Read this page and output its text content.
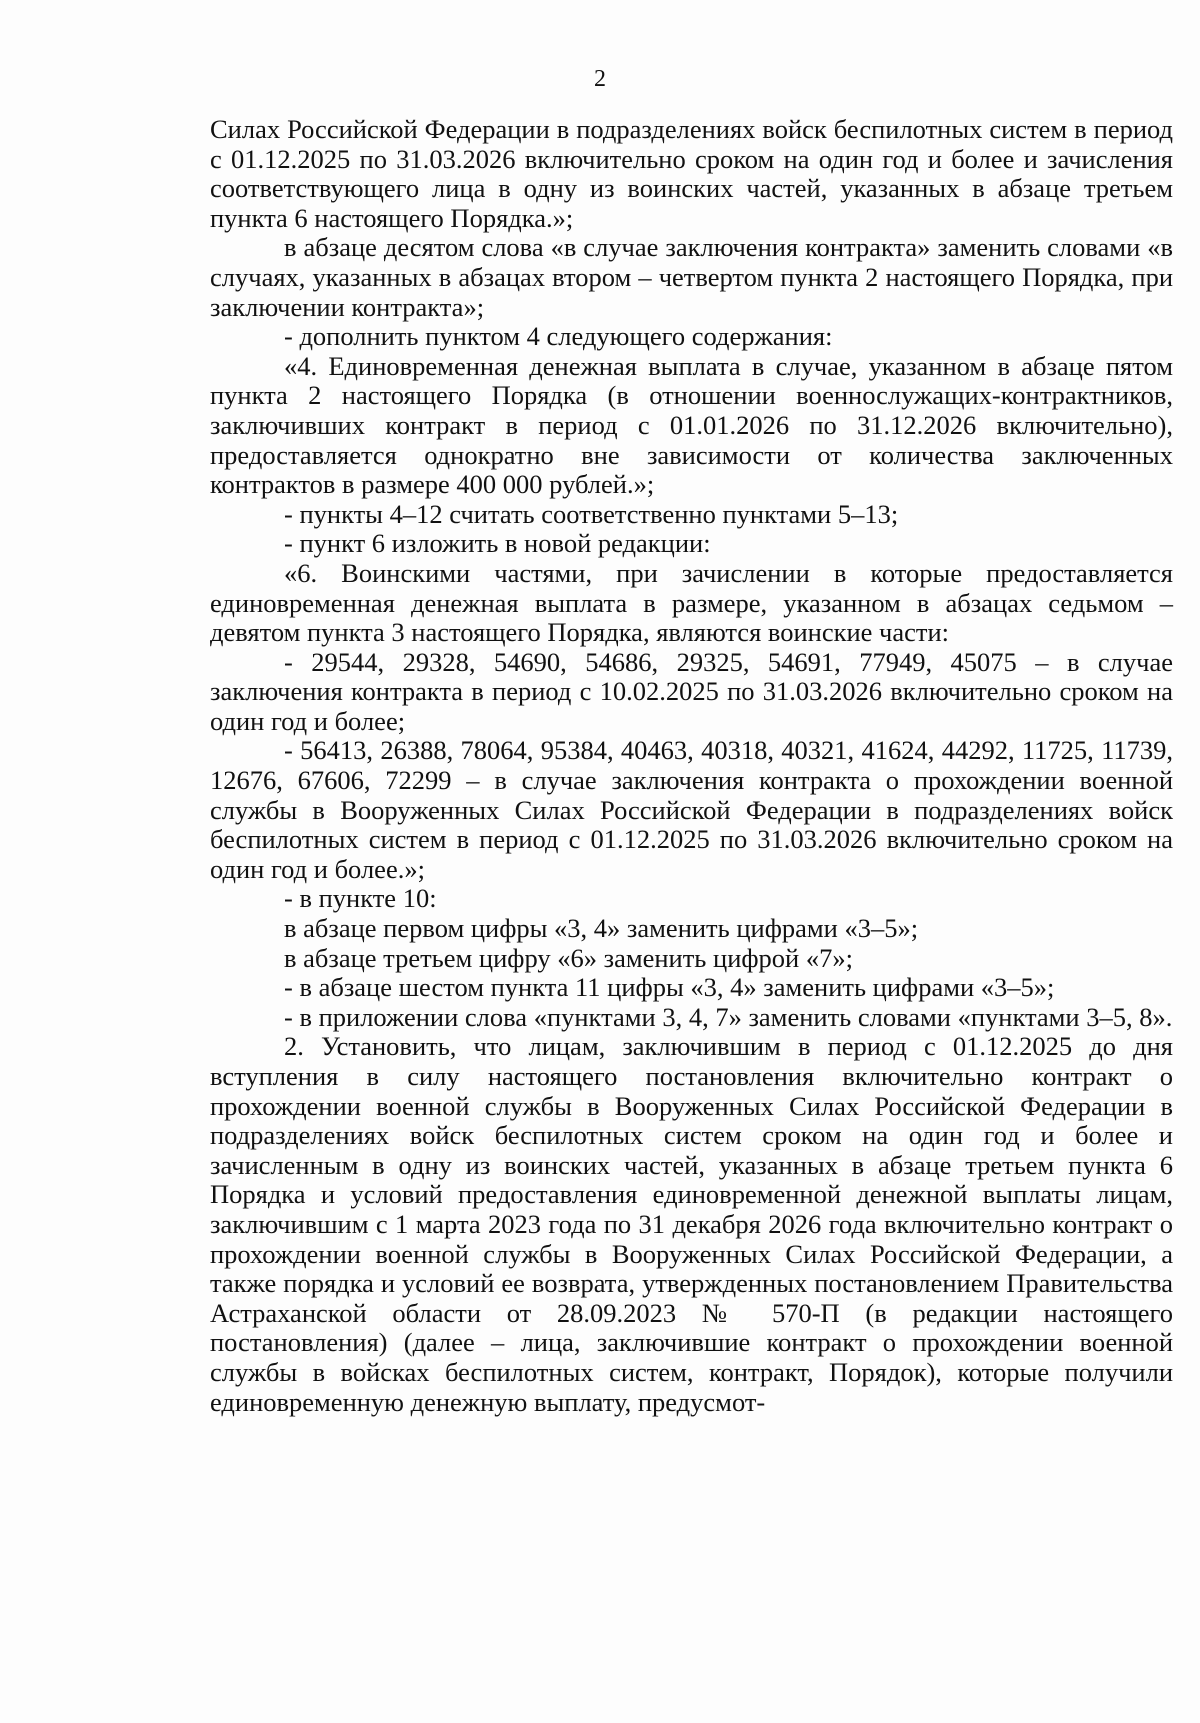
2

Силах Российской Федерации в подразделениях войск беспилотных систем в период с 01.12.2025 по 31.03.2026 включительно сроком на один год и более и зачисления соответствующего лица в одну из воинских частей, указанных в абзаце третьем пункта 6 настоящего Порядка.»;

в абзаце десятом слова «в случае заключения контракта» заменить словами «в случаях, указанных в абзацах втором – четвертом пункта 2 настоящего Порядка, при заключении контракта»;

- дополнить пунктом 4 следующего содержания:

«4. Единовременная денежная выплата в случае, указанном в абзаце пятом пункта 2 настоящего Порядка (в отношении военнослужащих-контрактников, заключивших контракт в период с 01.01.2026 по 31.12.2026 включительно), предоставляется однократно вне зависимости от количества заключенных контрактов в размере 400 000 рублей.»;

- пункты 4–12 считать соответственно пунктами 5–13;

- пункт 6 изложить в новой редакции:

«6. Воинскими частями, при зачислении в которые предоставляется единовременная денежная выплата в размере, указанном в абзацах седьмом – девятом пункта 3 настоящего Порядка, являются воинские части:

- 29544, 29328, 54690, 54686, 29325, 54691, 77949, 45075 – в случае заключения контракта в период с 10.02.2025 по 31.03.2026 включительно сроком на один год и более;

- 56413, 26388, 78064, 95384, 40463, 40318, 40321, 41624, 44292, 11725, 11739, 12676, 67606, 72299 – в случае заключения контракта о прохождении военной службы в Вооруженных Силах Российской Федерации в подразделениях войск беспилотных систем в период с 01.12.2025 по 31.03.2026 включительно сроком на один год и более.»;

- в пункте 10:

в абзаце первом цифры «3, 4» заменить цифрами «3–5»;

в абзаце третьем цифру «6» заменить цифрой «7»;

- в абзаце шестом пункта 11 цифры «3, 4» заменить цифрами «3–5»;

- в приложении слова «пунктами 3, 4, 7» заменить словами «пунктами 3–5, 8».

2. Установить, что лицам, заключившим в период с 01.12.2025 до дня вступления в силу настоящего постановления включительно контракт о прохождении военной службы в Вооруженных Силах Российской Федерации в подразделениях войск беспилотных систем сроком на один год и более и зачисленным в одну из воинских частей, указанных в абзаце третьем пункта 6 Порядка и условий предоставления единовременной денежной выплаты лицам, заключившим с 1 марта 2023 года по 31 декабря 2026 года включительно контракт о прохождении военной службы в Вооруженных Силах Российской Федерации, а также порядка и условий ее возврата, утвержденных постановлением Правительства Астраханской области от 28.09.2023 № 570-П (в редакции настоящего постановления) (далее – лица, заключившие контракт о прохождении военной службы в войсках беспилотных систем, контракт, Порядок), которые получили единовременную денежную выплату, предусмот-
